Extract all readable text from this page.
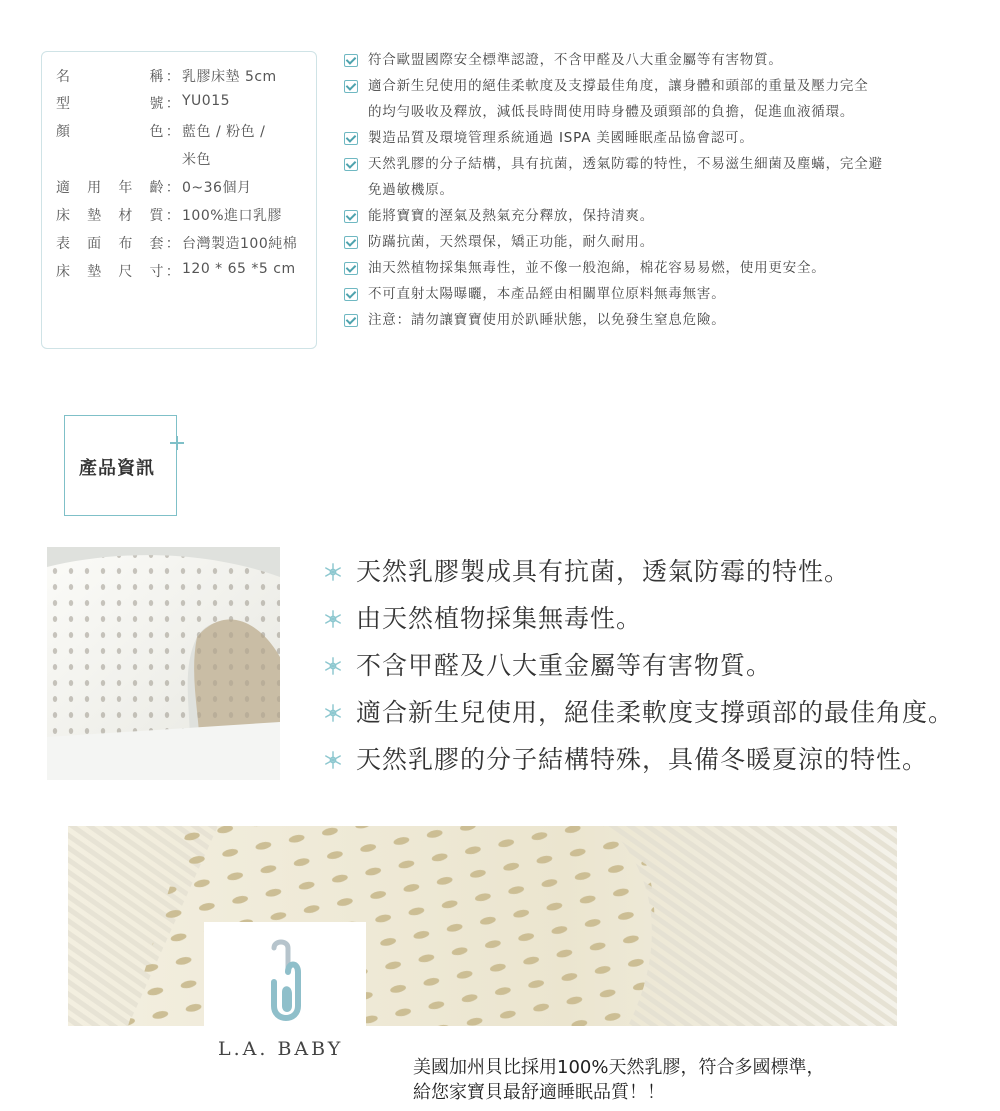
名	稱 ： 乳膠床墊 5cm
型	號 ： YU015
顏	色 ： 藍色 / 粉色 /
米色
適 用 年 齡 ： 0~36個月
床 墊 材 質 ： 100%進口乳膠
表 面 布 套 ： 台灣製造100純棉
床 墊 尺 寸 ： 120 * 65 *5 cm
符合歐盟國際安全標準認證，不含甲醛及八大重金屬等有害物質。
適合新生兒使用的絕佳柔軟度及支撐最佳角度，讓身體和頭部的重量及壓力完全
的均勻吸收及釋放，減低長時間使用時身體及頭頸部的負擔，促進血液循環。
製造品質及環境管理系統通過 ISPA 美國睡眠產品協會認可。
天然乳膠的分子結構，具有抗菌，透氣防霉的特性，不易滋生細菌及塵蟎，完全避
免過敏機原。
能將寶寶的溼氣及熱氣充分釋放，保持清爽。
防蹣抗菌，天然環保，矯正功能，耐久耐用。
油天然植物採集無毒性，並不像一般泡綿，棉花容易易燃，使用更安全。
不可直射太陽曝曬，本產品經由相關單位原料無毒無害。
注意：請勿讓寶寶使用於趴睡狀態，以免發生窒息危險。
產品資訊
天然乳膠製成具有抗菌，透氣防霉的特性。
由天然植物採集無毒性。
不含甲醛及八大重金屬等有害物質。
適合新生兒使用，絕佳柔軟度支撐頭部的最佳角度。
天然乳膠的分子結構特殊，具備冬暖夏涼的特性。
L.A. BABY
美國加州貝比採用100%天然乳膠，符合多國標準，
給您家寶貝最舒適睡眠品質！！
